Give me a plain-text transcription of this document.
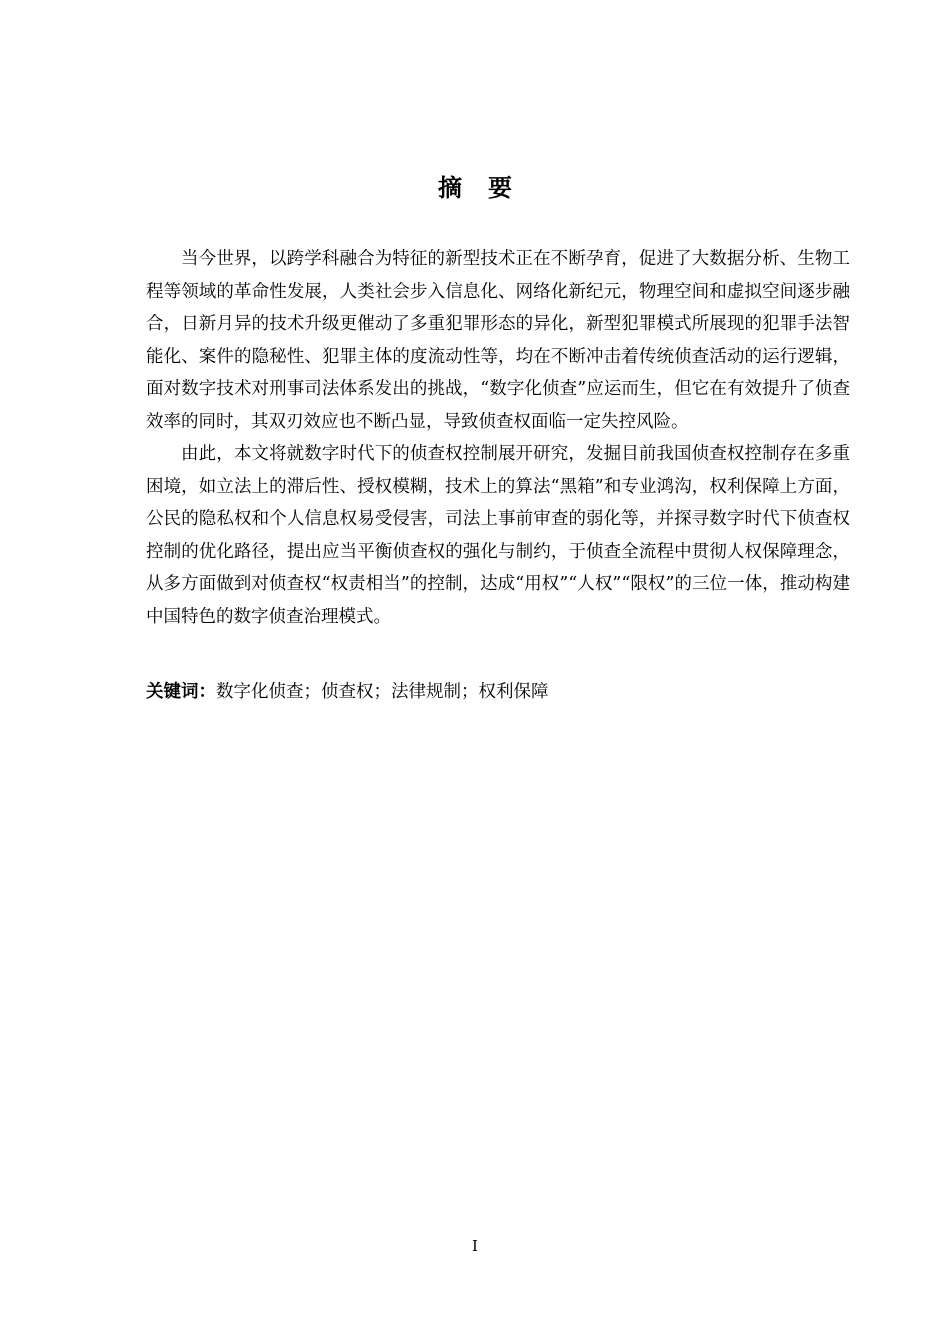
摘要

当今世界，以跨学科融合为特征的新型技术正在不断孕育，促进了大数据分析、生物工程等领域的革命性发展，人类社会步入信息化、网络化新纪元，物理空间和虚拟空间逐步融合，日新月异的技术升级更催动了多重犯罪形态的异化，新型犯罪模式所展现的犯罪手法智能化、案件的隐秘性、犯罪主体的度流动性等，均在不断冲击着传统侦查活动的运行逻辑，面对数字技术对刑事司法体系发出的挑战，“数字化侦查”应运而生，但它在有效提升了侦查效率的同时，其双刃效应也不断凸显，导致侦查权面临一定失控风险。

由此，本文将就数字时代下的侦查权控制展开研究，发掘目前我国侦查权控制存在多重困境，如立法上的滞后性、授权模糊，技术上的算法“黑箱”和专业鸿沟，权利保障上方面，公民的隐私权和个人信息权易受侵害，司法上事前审查的弱化等，并探寻数字时代下侦查权控制的优化路径，提出应当平衡侦查权的强化与制约，于侦查全流程中贯彻人权保障理念，从多方面做到对侦查权“权责相当”的控制，达成“用权”“人权”“限权”的三位一体，推动构建中国特色的数字侦查治理模式。

关键词：数字化侦查；侦查权；法律规制；权利保障
I
